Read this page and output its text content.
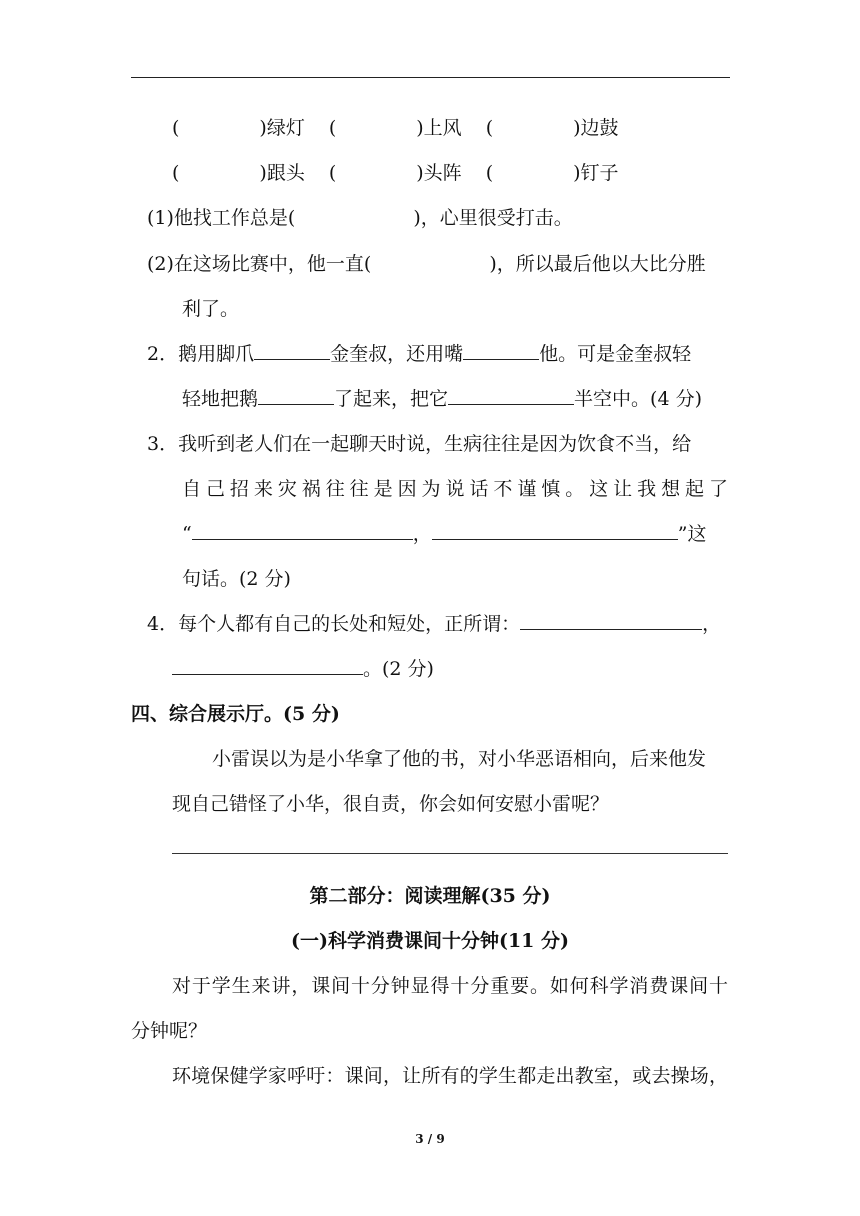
(	)绿灯 (	)上风 (	)边鼓
(	)跟头 (	)头阵 (	)钉子
(1)他找工作总是(	)，心里很受打击。
(2)在这场比赛中，他一直(	)，所以最后他以大比分胜
利了。
2．鹅用脚爪	金奎叔，还用嘴	他。可是金奎叔轻
轻地把鹅	了起来，把它	半空中。(4 分)
3．我听到老人们在一起聊天时说，生病往往是因为饮食不当，给
自己招来灾祸往往是因为说话不谨慎。这让我想起了
“	，	”这
句话。(2 分)
4．每个人都有自己的长处和短处，正所谓：	，
。(2 分)
四、综合展示厅。(5 分)
小雷误以为是小华拿了他的书，对小华恶语相向，后来他发
现自己错怪了小华，很自责，你会如何安慰小雷呢？
第二部分：阅读理解(35 分)
(一)科学消费课间十分钟(11 分)
对于学生来讲，课间十分钟显得十分重要。如何科学消费课间十
分钟呢？
环境保健学家呼吁：课间，让所有的学生都走出教室，或去操场，
3 / 9
